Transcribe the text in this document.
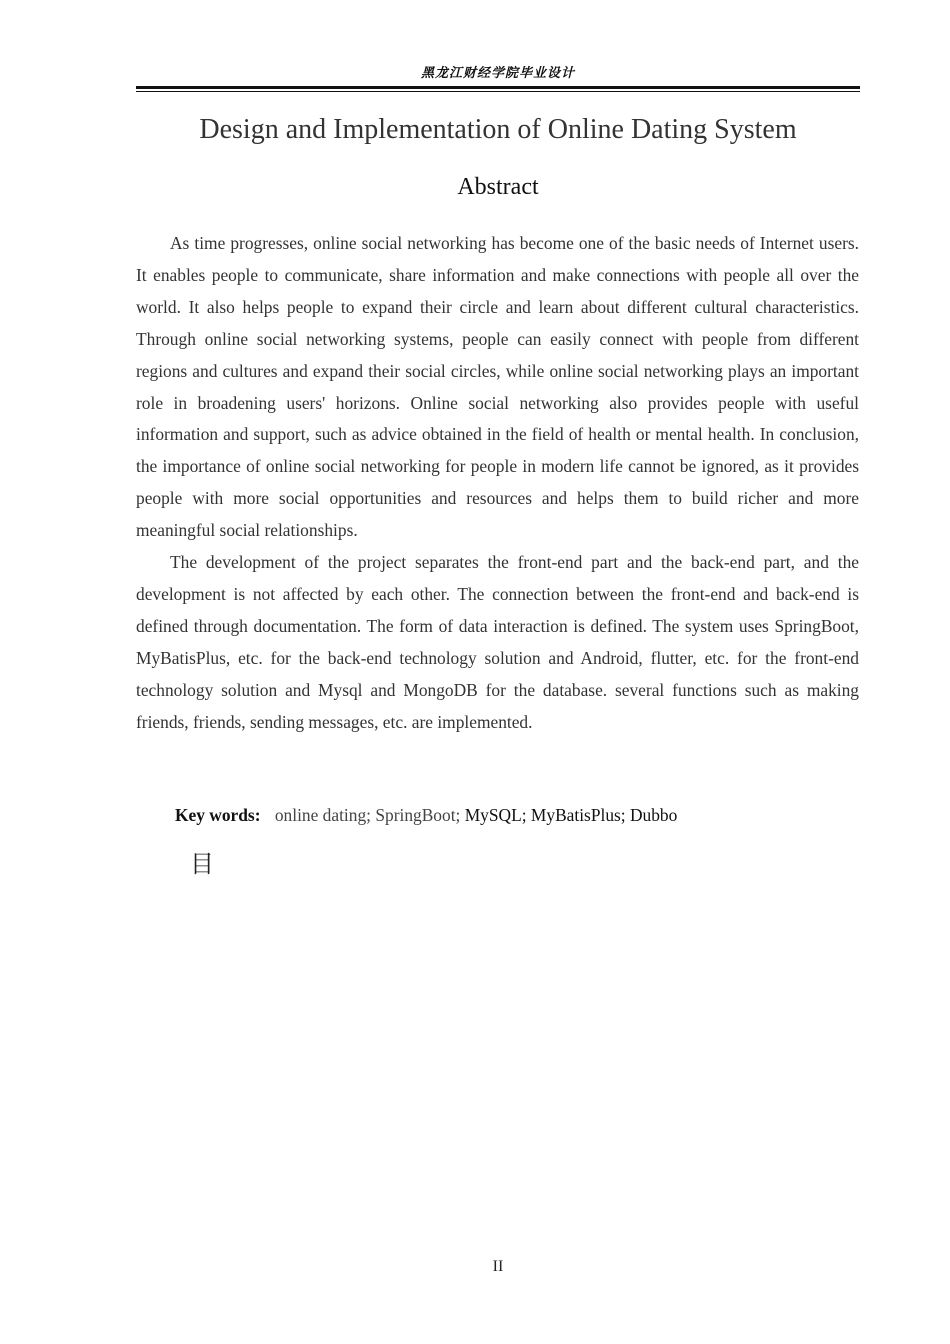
黑龙江财经学院毕业设计
Design and Implementation of Online Dating System
Abstract

As time progresses, online social networking has become one of the basic needs of Internet users. It enables people to communicate, share information and make connections with people all over the world. It also helps people to expand their circle and learn about different cultural characteristics. Through online social networking systems, people can easily connect with people from different regions and cultures and expand their social circles, while online social networking plays an important role in broadening users' horizons. Online social networking also provides people with useful information and support, such as advice obtained in the field of health or mental health. In conclusion, the importance of online social networking for people in modern life cannot be ignored, as it provides people with more social opportunities and resources and helps them to build richer and more meaningful social relationships.

The development of the project separates the front-end part and the back-end part, and the development is not affected by each other. The connection between the front-end and back-end is defined through documentation. The form of data interaction is defined. The system uses SpringBoot, MyBatisPlus, etc. for the back-end technology solution and Android, flutter, etc. for the front-end technology solution and Mysql and MongoDB for the database. several functions such as making friends, friends, sending messages, etc. are implemented.

Key words: online dating; SpringBoot; MySQL; MyBatisPlus; Dubbo
目
II
